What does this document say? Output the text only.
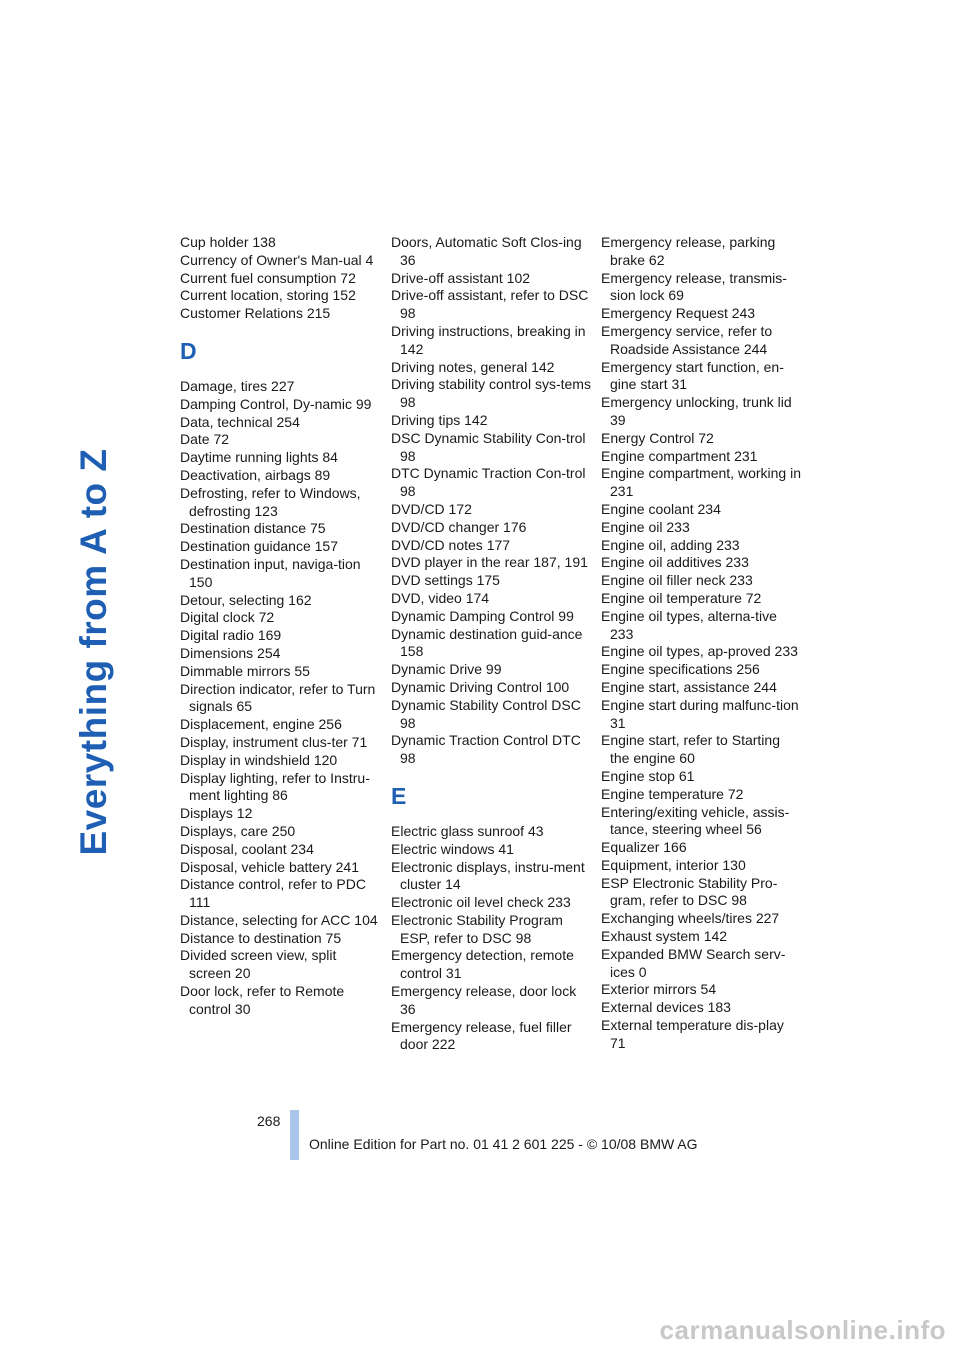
Everything from A to Z
Cup holder 138
Currency of Owner's Man-ual 4
Current fuel consumption 72
Current location, storing 152
Customer Relations 215
D
Damage, tires 227
Damping Control, Dy-namic 99
Data, technical 254
Date 72
Daytime running lights 84
Deactivation, airbags 89
Defrosting, refer to Windows, defrosting 123
Destination distance 75
Destination guidance 157
Destination input, naviga-tion 150
Detour, selecting 162
Digital clock 72
Digital radio 169
Dimensions 254
Dimmable mirrors 55
Direction indicator, refer to Turn signals 65
Displacement, engine 256
Display, instrument clus-ter 71
Display in windshield 120
Display lighting, refer to Instru-ment lighting 86
Displays 12
Displays, care 250
Disposal, coolant 234
Disposal, vehicle battery 241
Distance control, refer to PDC 111
Distance, selecting for ACC 104
Distance to destination 75
Divided screen view, split screen 20
Door lock, refer to Remote control 30
Doors, Automatic Soft Clos-ing 36
Drive-off assistant 102
Drive-off assistant, refer to DSC 98
Driving instructions, breaking in 142
Driving notes, general 142
Driving stability control sys-tems 98
Driving tips 142
DSC Dynamic Stability Con-trol 98
DTC Dynamic Traction Con-trol 98
DVD/CD 172
DVD/CD changer 176
DVD/CD notes 177
DVD player in the rear 187, 191
DVD settings 175
DVD, video 174
Dynamic Damping Control 99
Dynamic destination guid-ance 158
Dynamic Drive 99
Dynamic Driving Control 100
Dynamic Stability Control DSC 98
Dynamic Traction Control DTC 98
E
Electric glass sunroof 43
Electric windows 41
Electronic displays, instru-ment cluster 14
Electronic oil level check 233
Electronic Stability Program ESP, refer to DSC 98
Emergency detection, remote control 31
Emergency release, door lock 36
Emergency release, fuel filler door 222
Emergency release, parking brake 62
Emergency release, transmis-sion lock 69
Emergency Request 243
Emergency service, refer to Roadside Assistance 244
Emergency start function, en-gine start 31
Emergency unlocking, trunk lid 39
Energy Control 72
Engine compartment 231
Engine compartment, working in 231
Engine coolant 234
Engine oil 233
Engine oil, adding 233
Engine oil additives 233
Engine oil filler neck 233
Engine oil temperature 72
Engine oil types, alterna-tive 233
Engine oil types, ap-proved 233
Engine specifications 256
Engine start, assistance 244
Engine start during malfunc-tion 31
Engine start, refer to Starting the engine 60
Engine stop 61
Engine temperature 72
Entering/exiting vehicle, assis-tance, steering wheel 56
Equalizer 166
Equipment, interior 130
ESP Electronic Stability Pro-gram, refer to DSC 98
Exchanging wheels/tires 227
Exhaust system 142
Expanded BMW Search serv-ices 0
Exterior mirrors 54
External devices 183
External temperature dis-play 71
268
Online Edition for Part no. 01 41 2 601 225 - © 10/08 BMW AG
carmanualsonline.info
